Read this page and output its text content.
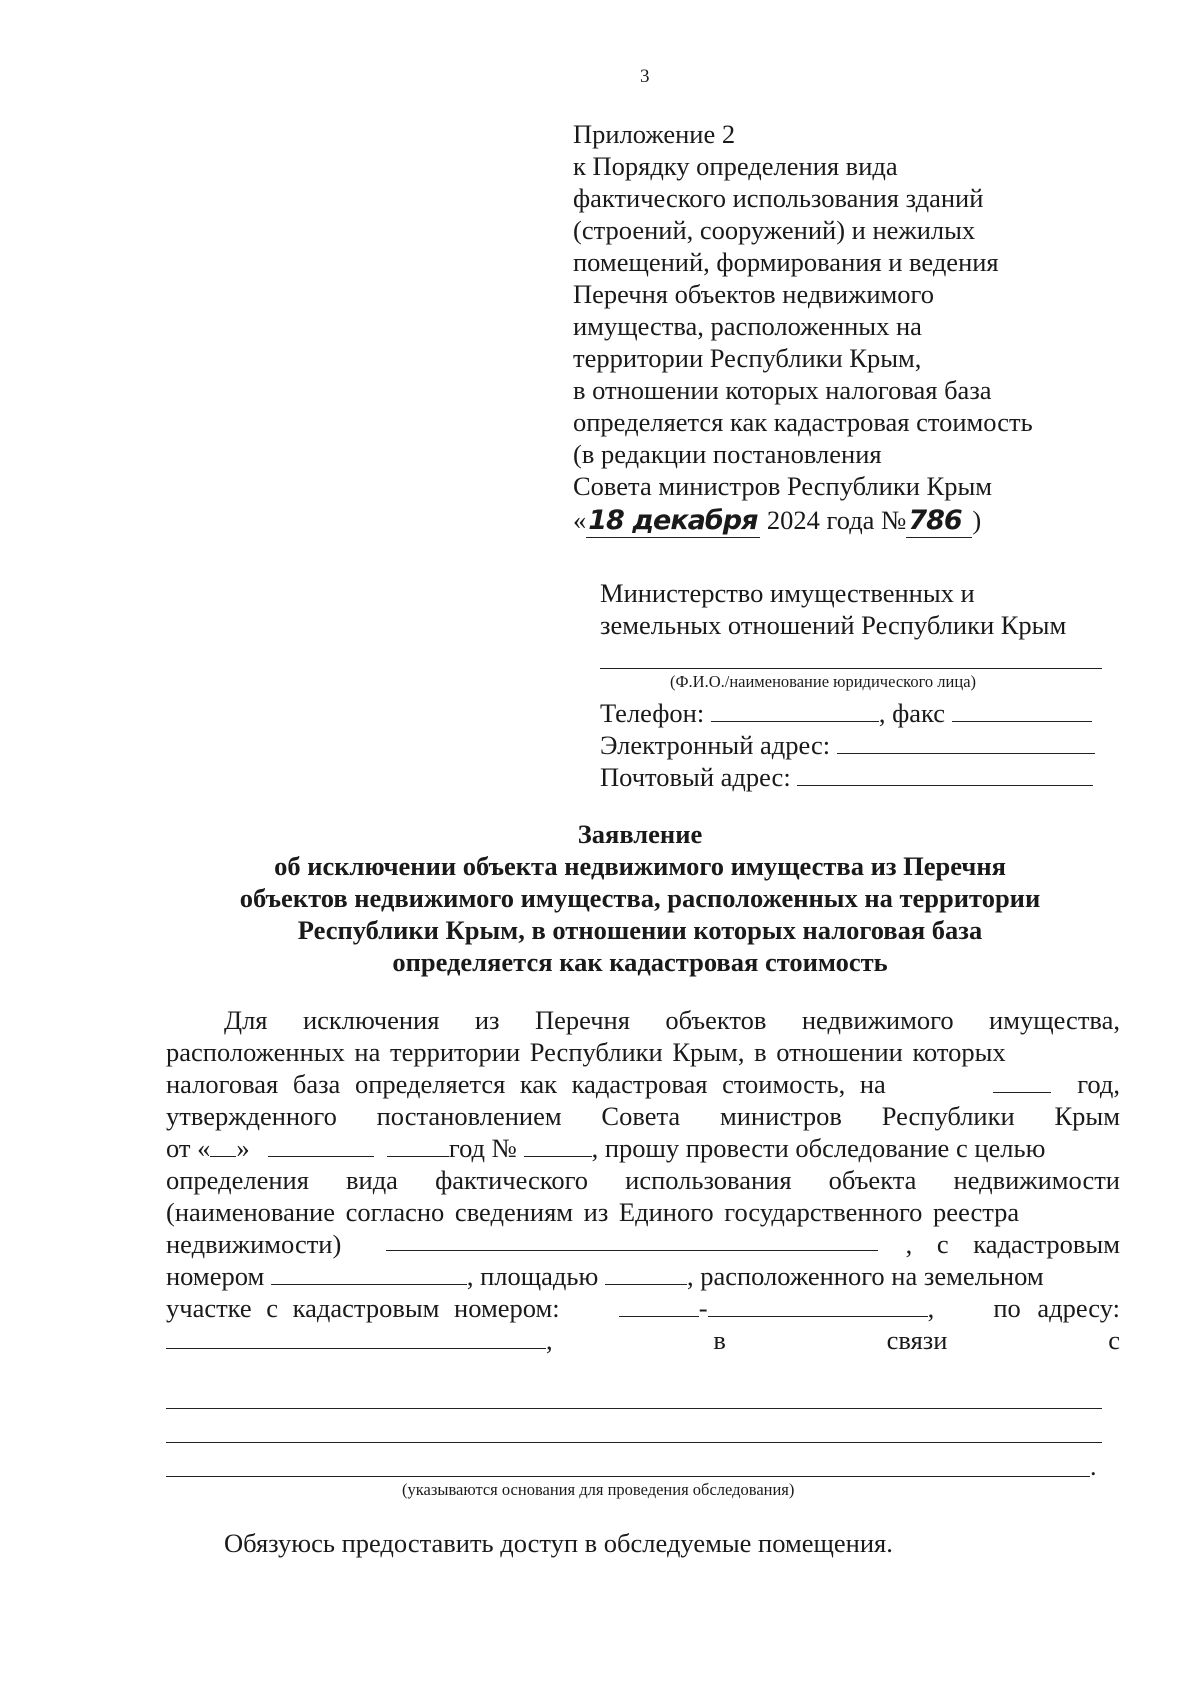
3
Приложение 2
к Порядку определения вида
фактического использования зданий
(строений, сооружений) и нежилых
помещений, формирования и ведения
Перечня объектов недвижимого
имущества, расположенных на
территории Республики Крым,
в отношении которых налоговая база
определяется как кадастровая стоимость
(в редакции постановления
Совета министров Республики Крым
«18 декабря 2024 года №786 )
Министерство имущественных и
земельных отношений Республики Крым
(Ф.И.О./наименование юридического лица)
Телефон:	, факс
Электронный адрес:
Почтовый адрес:
Заявление
об исключении объекта недвижимого имущества из Перечня
объектов недвижимого имущества, расположенных на территории
Республики Крым, в отношении которых налоговая база
определяется как кадастровая стоимость
Для исключения из Перечня объектов недвижимого имущества,
расположенных на территории Республики Крым, в отношении которых
налоговая база определяется как кадастровая стоимость, на	год,
утвержденного постановлением Совета министров Республики Крым
от « »	год №	, прошу провести обследование с целью
определения вида фактического использования объекта недвижимости
(наименование согласно сведениям из Единого государственного реестра
недвижимости)	, с кадастровым
номером	, площадью	, расположенного на земельном
участке с кадастровым номером:	-	, по адресу:
,	в	связи	с
.
(указываются основания для проведения обследования)
Обязуюсь предоставить доступ в обследуемые помещения.
